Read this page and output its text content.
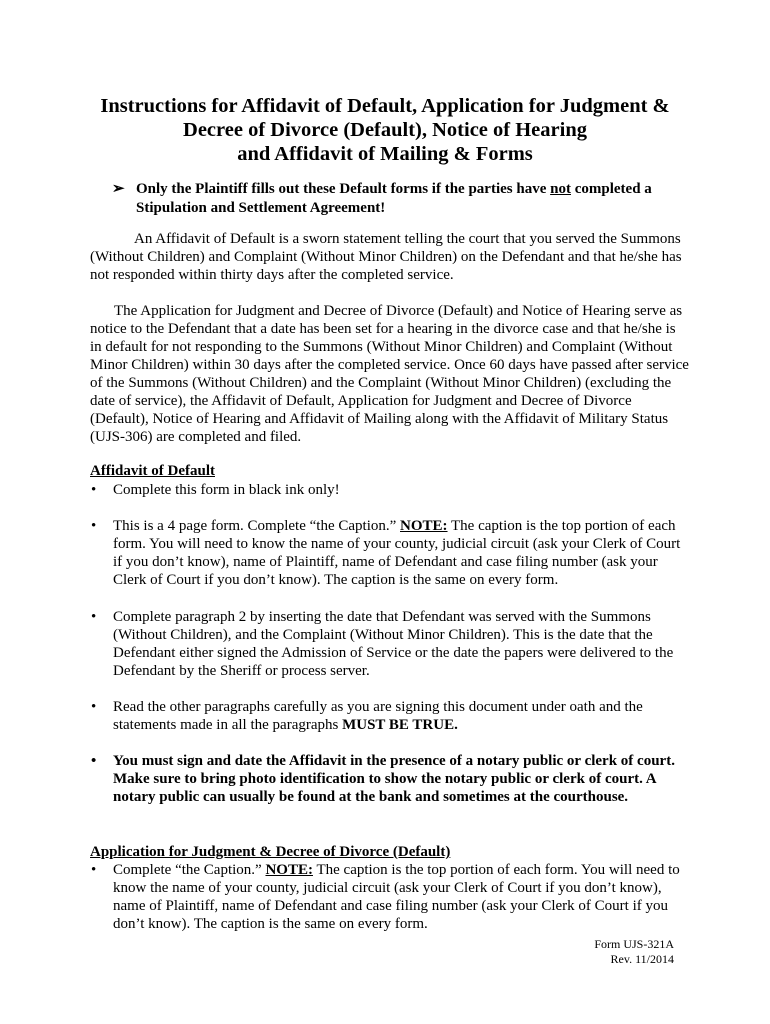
Instructions for Affidavit of Default, Application for Judgment &
Decree of Divorce (Default), Notice of Hearing
and Affidavit of Mailing & Forms
➢ Only the Plaintiff fills out these Default forms if the parties have not completed a Stipulation and Settlement Agreement!
An Affidavit of Default is a sworn statement telling the court that you served the Summons (Without Children) and Complaint (Without Minor Children) on the Defendant and that he/she has not responded within thirty days after the completed service.
The Application for Judgment and Decree of Divorce (Default) and Notice of Hearing serve as notice to the Defendant that a date has been set for a hearing in the divorce case and that he/she is in default for not responding to the Summons (Without Minor Children) and Complaint (Without Minor Children) within 30 days after the completed service. Once 60 days have passed after service of the Summons (Without Children) and the Complaint (Without Minor Children) (excluding the date of service), the Affidavit of Default, Application for Judgment and Decree of Divorce (Default), Notice of Hearing and Affidavit of Mailing along with the Affidavit of Military Status (UJS-306) are completed and filed.
Affidavit of Default
• Complete this form in black ink only!
• This is a 4 page form. Complete “the Caption.” NOTE: The caption is the top portion of each form. You will need to know the name of your county, judicial circuit (ask your Clerk of Court if you don’t know), name of Plaintiff, name of Defendant and case filing number (ask your Clerk of Court if you don’t know). The caption is the same on every form.
• Complete paragraph 2 by inserting the date that Defendant was served with the Summons (Without Children), and the Complaint (Without Minor Children). This is the date that the Defendant either signed the Admission of Service or the date the papers were delivered to the Defendant by the Sheriff or process server.
• Read the other paragraphs carefully as you are signing this document under oath and the statements made in all the paragraphs MUST BE TRUE.
• You must sign and date the Affidavit in the presence of a notary public or clerk of court. Make sure to bring photo identification to show the notary public or clerk of court. A notary public can usually be found at the bank and sometimes at the courthouse.
Application for Judgment & Decree of Divorce (Default)
• Complete “the Caption.” NOTE: The caption is the top portion of each form. You will need to know the name of your county, judicial circuit (ask your Clerk of Court if you don’t know), name of Plaintiff, name of Defendant and case filing number (ask your Clerk of Court if you don’t know). The caption is the same on every form.
Form UJS-321A
Rev. 11/2014
